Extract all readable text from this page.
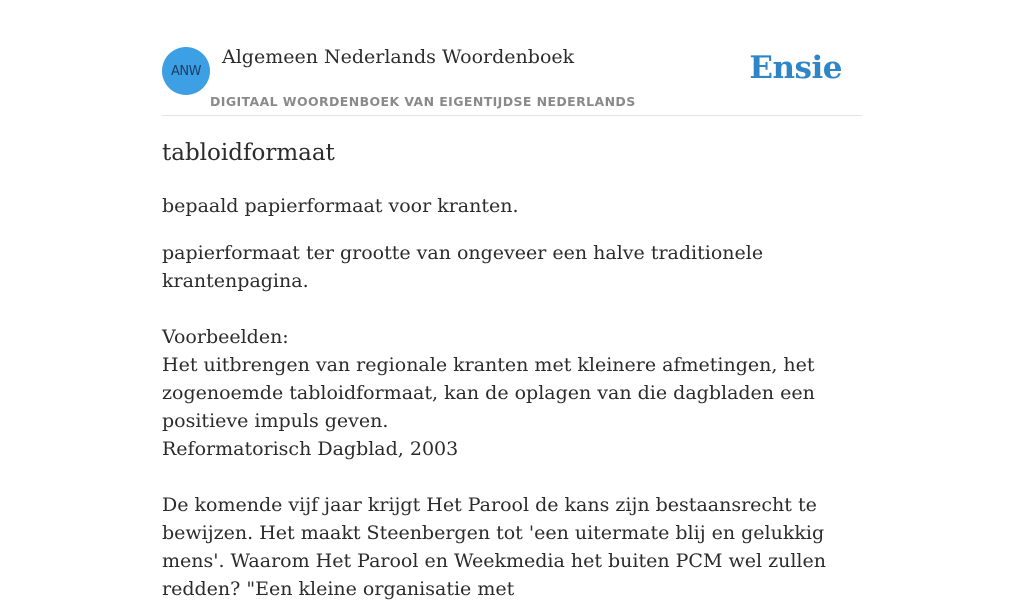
ANW
Algemeen Nederlands Woordenboek
DIGITAAL WOORDENBOEK VAN EIGENTIJDSE NEDERLANDS
Ensie
tabloidformaat

bepaald papierformaat voor kranten.

papierformaat ter grootte van ongeveer een halve traditionele krantenpagina.

Voorbeelden:

Het uitbrengen van regionale kranten met kleinere afmetingen, het zogenoemde tabloidformaat, kan de oplagen van die dagbladen een positieve impuls geven.

Reformatorisch Dagblad, 2003

De komende vijf jaar krijgt Het Parool de kans zijn bestaansrecht te bewijzen. Het maakt Steenbergen tot 'een uitermate blij en gelukkig mens'. Waarom Het Parool en Weekmedia het buiten PCM wel zullen redden? "Een kleine organisatie met
